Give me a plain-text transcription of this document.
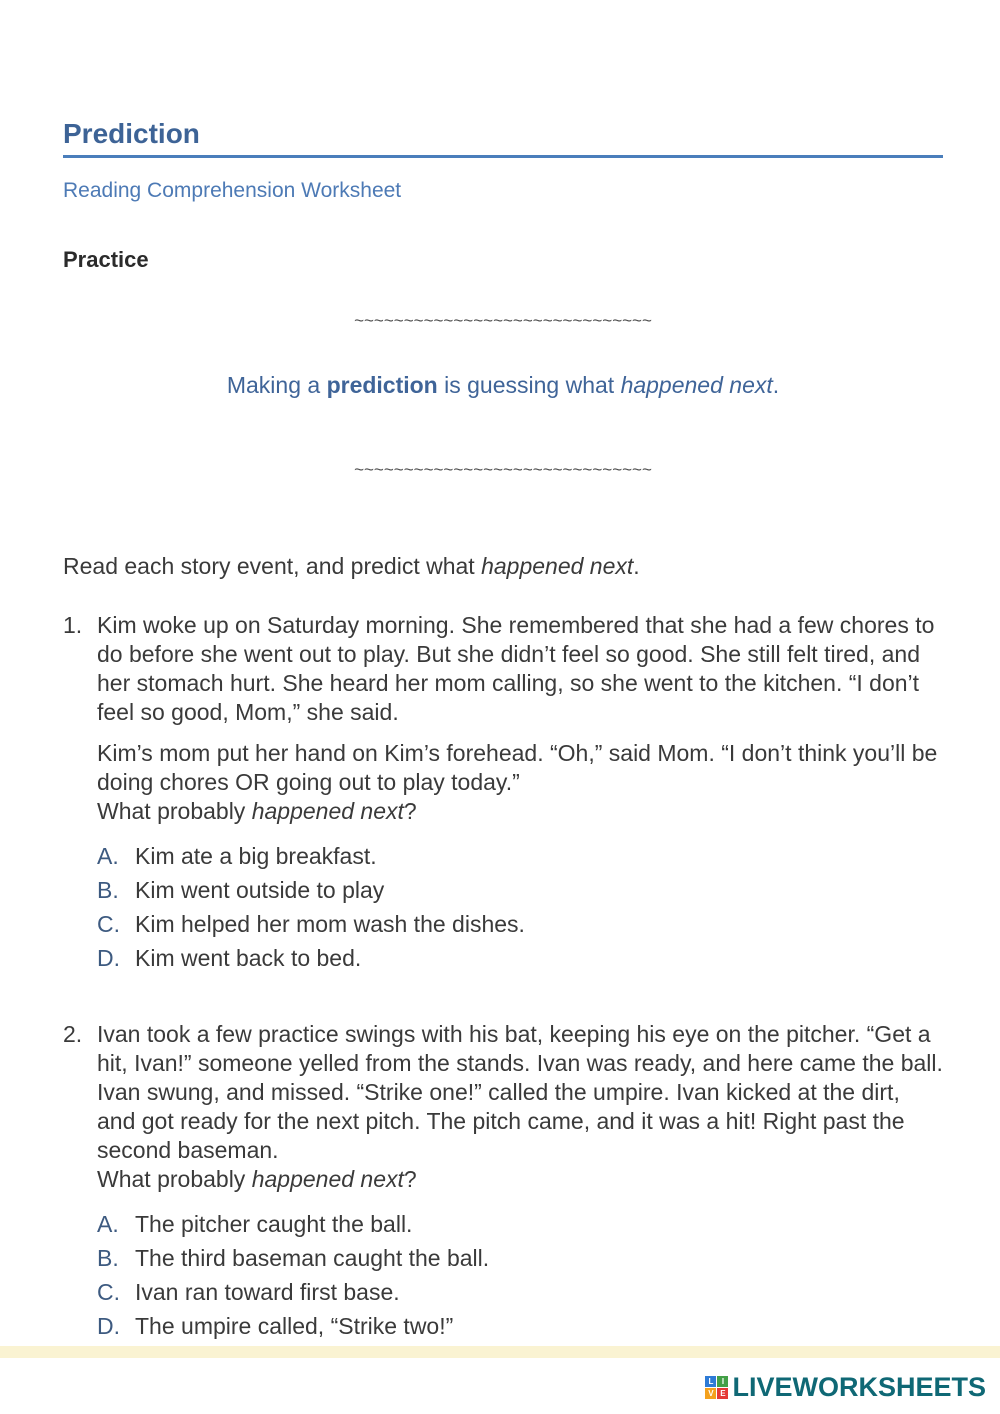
Prediction
Reading Comprehension Worksheet
Practice
~~~~~~~~~~~~~~~~~~~~~~~~~~~~~~
Making a prediction is guessing what happened next.
~~~~~~~~~~~~~~~~~~~~~~~~~~~~~~
Read each story event, and predict what happened next.
1. Kim woke up on Saturday morning. She remembered that she had a few chores to do before she went out to play. But she didn’t feel so good. She still felt tired, and her stomach hurt. She heard her mom calling, so she went to the kitchen. “I don’t feel so good, Mom,” she said.

Kim’s mom put her hand on Kim’s forehead. “Oh,” said Mom. “I don’t think you’ll be doing chores OR going out to play today.”
What probably happened next?

A. Kim ate a big breakfast.
B. Kim went outside to play
C. Kim helped her mom wash the dishes.
D. Kim went back to bed.
2. Ivan took a few practice swings with his bat, keeping his eye on the pitcher. “Get a hit, Ivan!” someone yelled from the stands. Ivan was ready, and here came the ball. Ivan swung, and missed. “Strike one!” called the umpire. Ivan kicked at the dirt, and got ready for the next pitch. The pitch came, and it was a hit! Right past the second baseman.
What probably happened next?

A. The pitcher caught the ball.
B. The third baseman caught the ball.
C. Ivan ran toward first base.
D. The umpire called, “Strike two!”
L	I
V E LIVEWORKSHEETS
